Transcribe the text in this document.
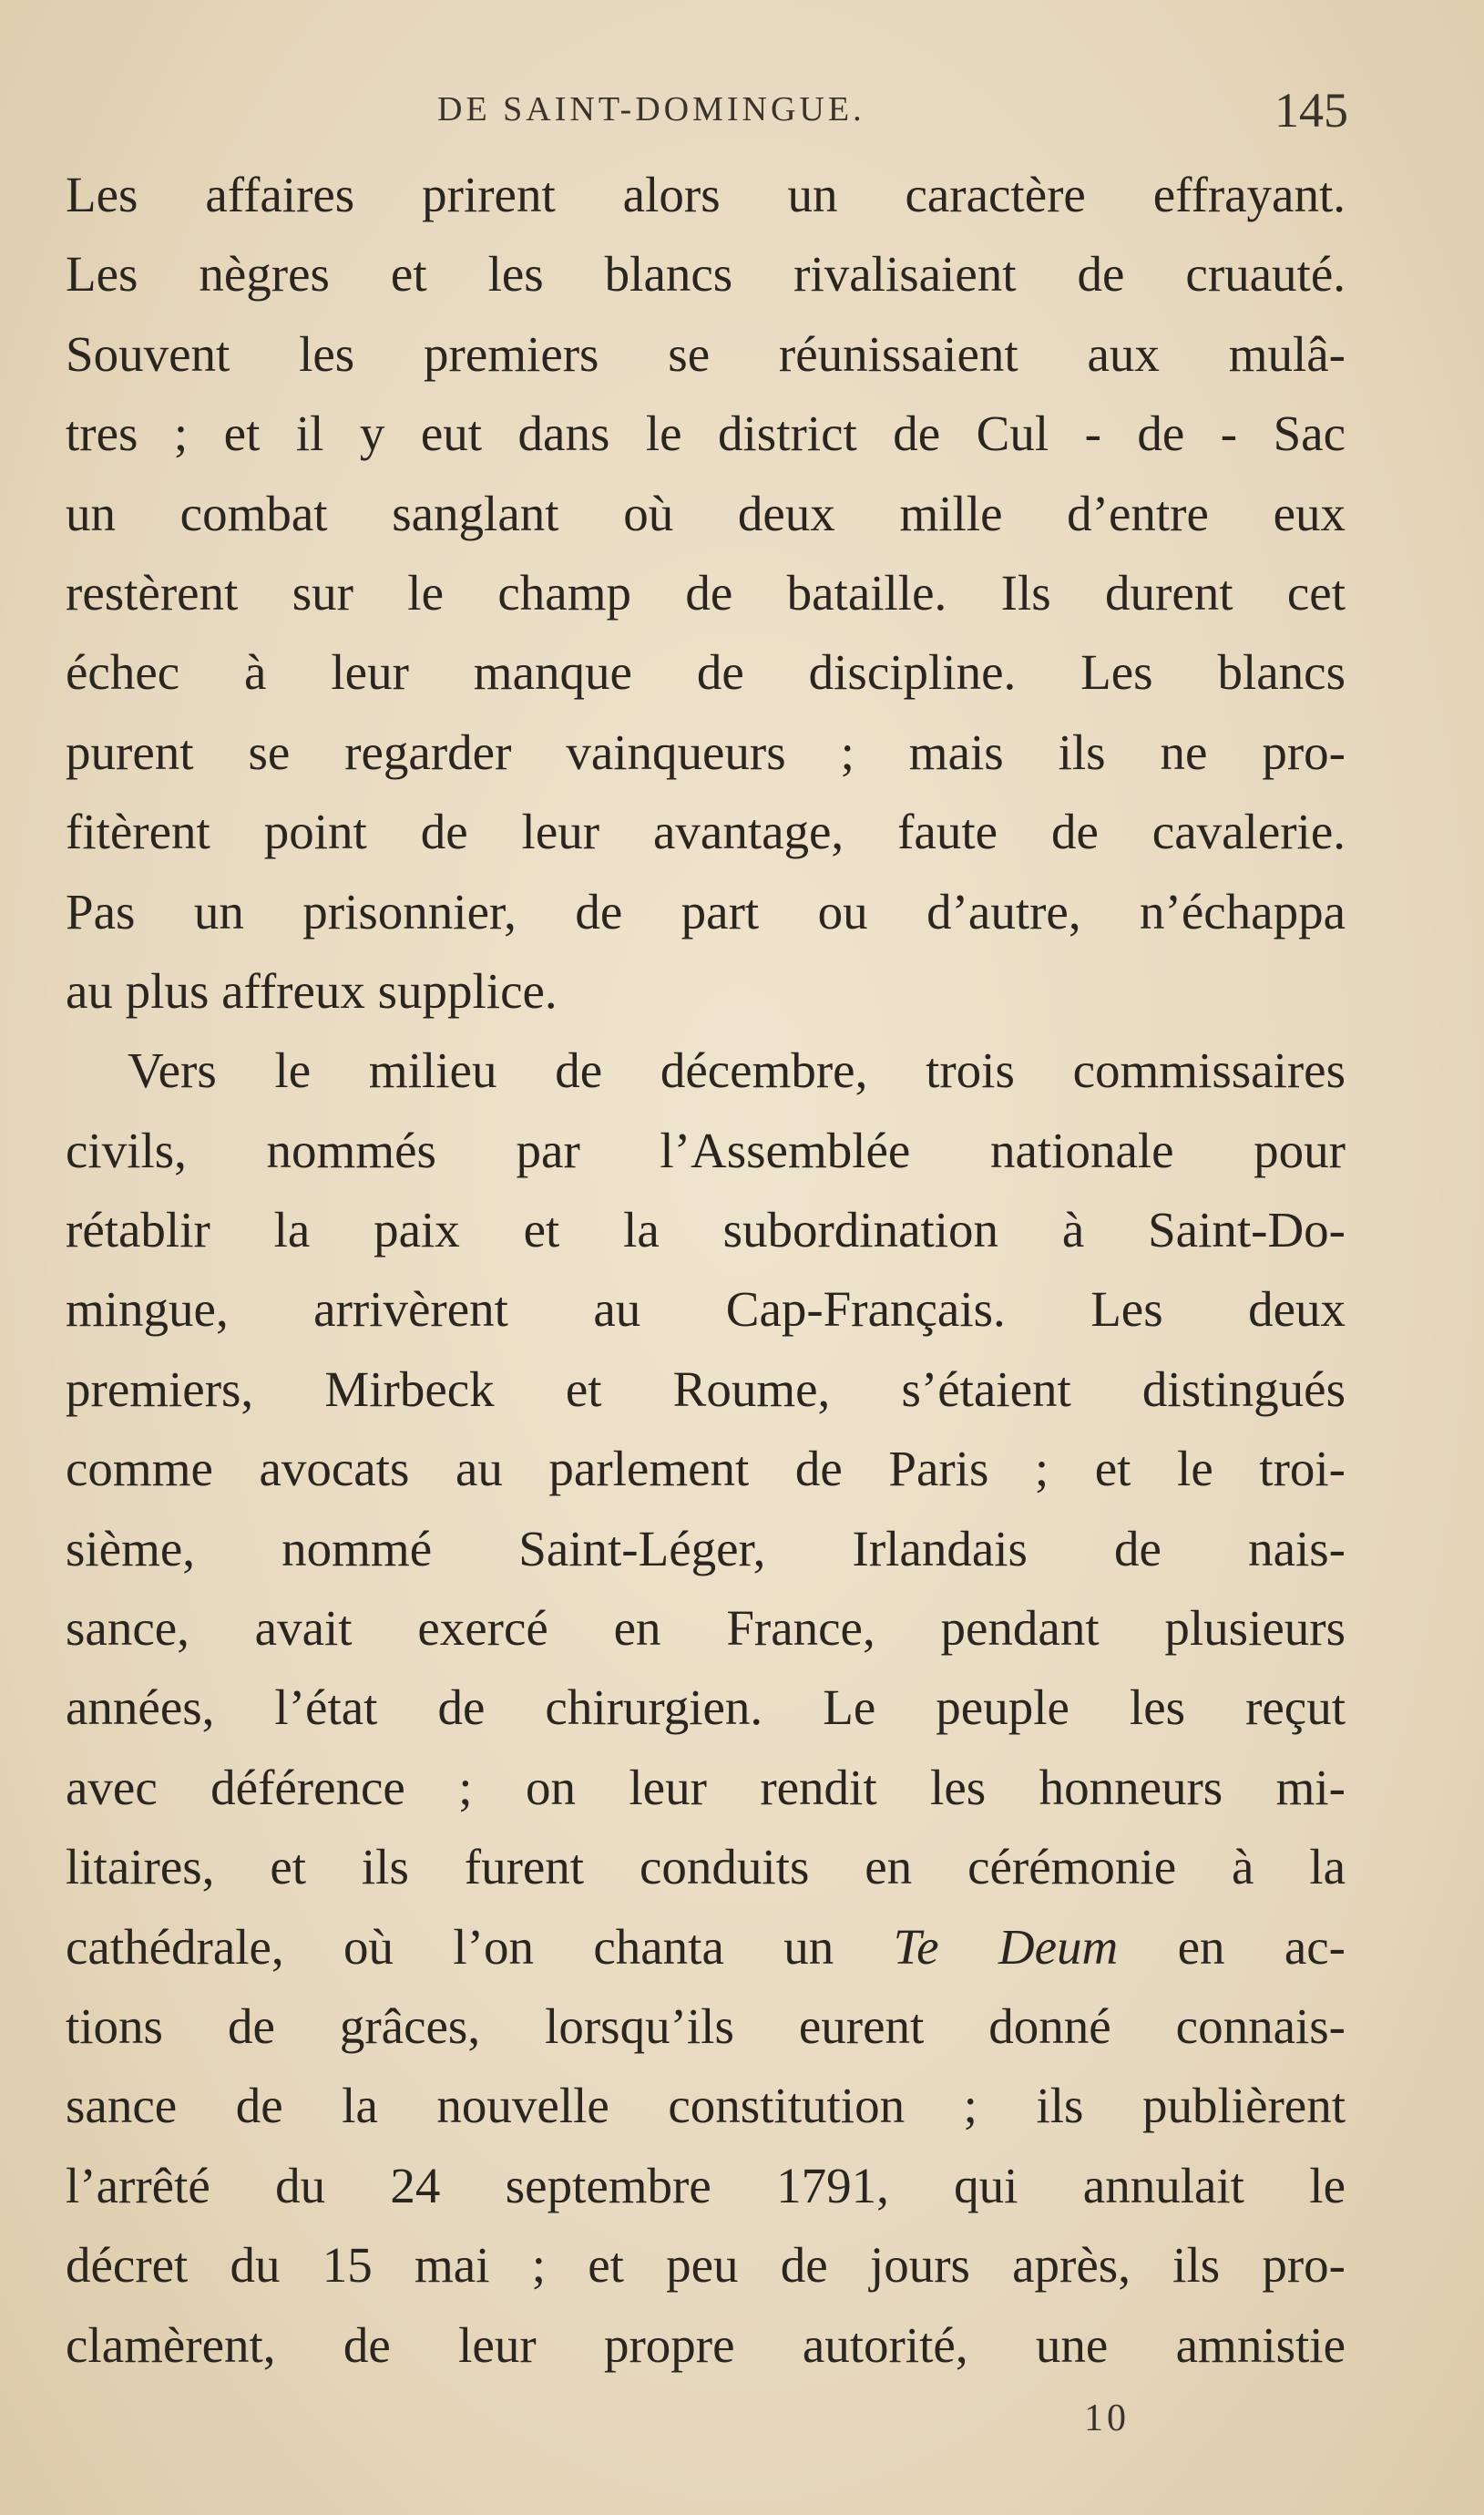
DE SAINT-DOMINGUE.	145
Les affaires prirent alors un caractère effrayant.
Les nègres et les blancs rivalisaient de cruauté.
Souvent les premiers se réunissaient aux mulâ-
tres ; et il y eut dans le district de Cul - de - Sac
un combat sanglant où deux mille d’entre eux
restèrent sur le champ de bataille. Ils durent cet
échec à leur manque de discipline. Les blancs
purent se regarder vainqueurs ; mais ils ne pro-
fitèrent point de leur avantage, faute de cavalerie.
Pas un prisonnier, de part ou d’autre, n’échappa
au plus affreux supplice.
Vers le milieu de décembre, trois commissaires
civils, nommés par l’Assemblée nationale pour
rétablir la paix et la subordination à Saint-Do-
mingue, arrivèrent au Cap-Français. Les deux
premiers, Mirbeck et Roume, s’étaient distingués
comme avocats au parlement de Paris ; et le troi-
sième, nommé Saint-Léger, Irlandais de nais-
sance, avait exercé en France, pendant plusieurs
années, l’état de chirurgien. Le peuple les reçut
avec déférence ; on leur rendit les honneurs mi-
litaires, et ils furent conduits en cérémonie à la
cathédrale, où l’on chanta un Te Deum en ac-
tions de grâces, lorsqu’ils eurent donné connais-
sance de la nouvelle constitution ; ils publièrent
l’arrêté du 24 septembre 1791, qui annulait le
décret du 15 mai ; et peu de jours après, ils pro-
clamèrent, de leur propre autorité, une amnistie
10
